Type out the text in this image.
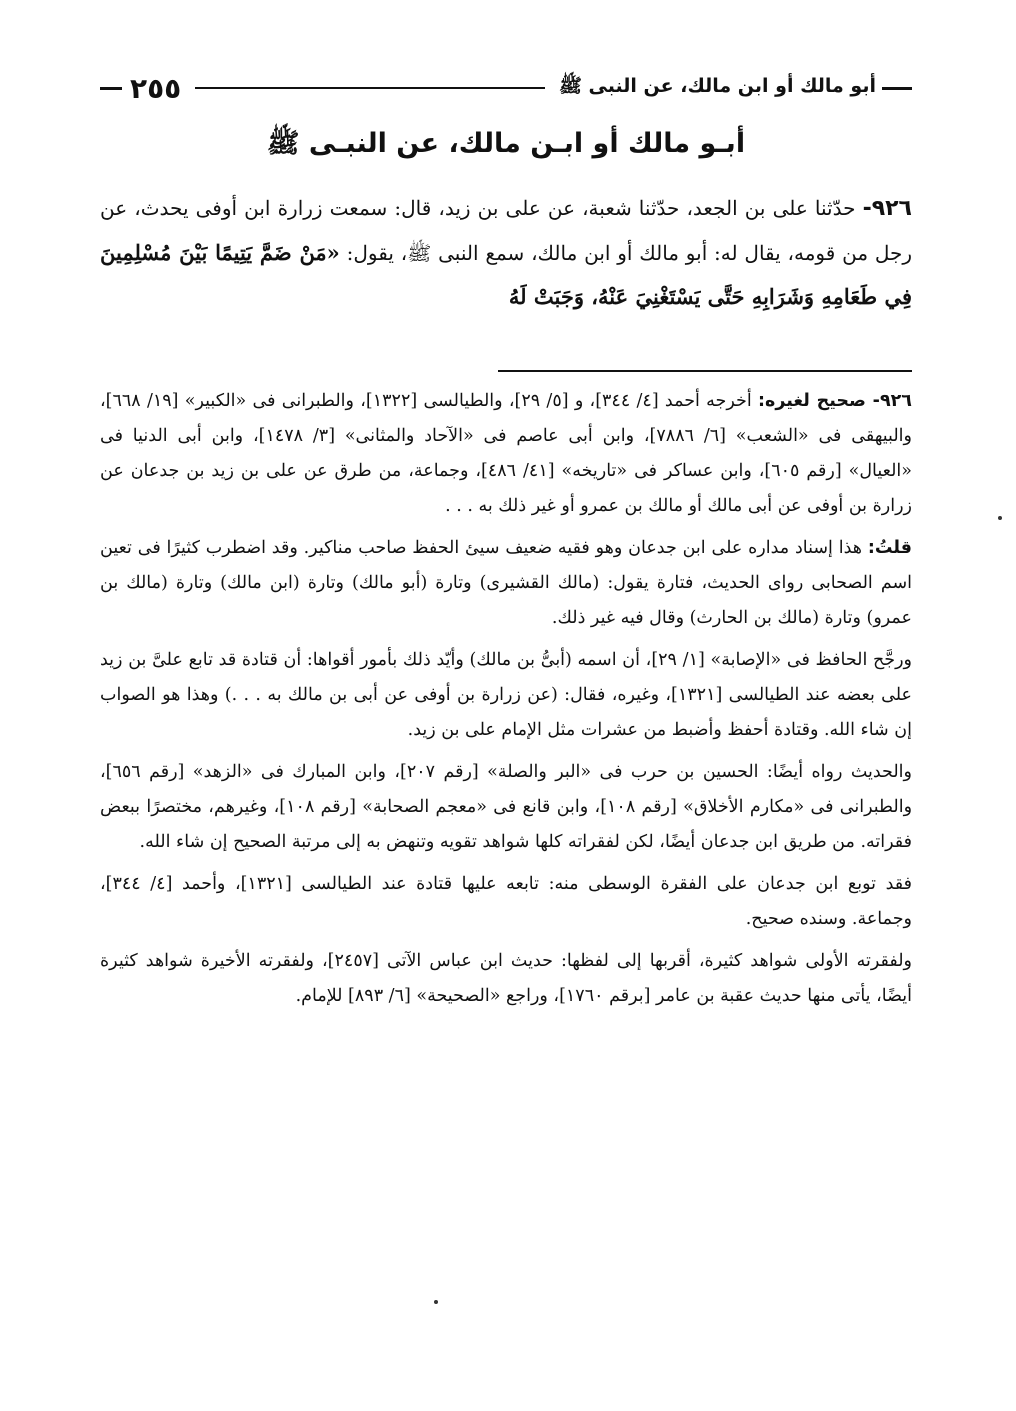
أبو مالك أو ابن مالك، عن النبى ﷺ
٢٥٥
أبـو مالك أو ابـن مالك، عن النبـى ﷺ

٩٢٦- حدّثنا على بن الجعد، حدّثنا شعبة، عن على بن زيد، قال: سمعت زرارة ابن أوفى يحدث، عن رجل من قومه، يقال له: أبو مالك أو ابن مالك، سمع النبى ﷺ، يقول: «مَنْ ضَمَّ يَتِيمًا بَيْنَ مُسْلِمِينَ فِي طَعَامِهِ وَشَرَابِهِ حَتَّى يَسْتَغْنِيَ عَنْهُ، وَجَبَتْ لَهُ

٩٢٦- صحيح لغيره: أخرجه أحمد [٤/ ٣٤٤]، و [٥/ ٢٩]، والطيالسى [١٣٢٢]، والطبرانى فى «الكبير» [١٩/ ٦٦٨]، والبيهقى فى «الشعب» [٦/ ٧٨٨٦]، وابن أبى عاصم فى «الآحاد والمثانى» [٣/ ١٤٧٨]، وابن أبى الدنيا فى «العيال» [رقم ٦٠٥]، وابن عساكر فى «تاريخه» [٤١/ ٤٨٦]، وجماعة، من طرق عن على بن زيد بن جدعان عن زرارة بن أوفى عن أبى مالك أو مالك بن عمرو أو غير ذلك به . . .

قلتُ: هذا إسناد مداره على ابن جدعان وهو فقيه ضعيف سيئ الحفظ صاحب مناكير. وقد اضطرب كثيرًا فى تعين اسم الصحابى رواى الحديث، فتارة يقول: (مالك القشيرى) وتارة (أبو مالك) وتارة (ابن مالك) وتارة (مالك بن عمرو) وتارة (مالك بن الحارث) وقال فيه غير ذلك.

ورجَّح الحافظ فى «الإصابة» [١/ ٢٩]، أن اسمه (أبىُّ بن مالك) وأيّد ذلك بأمور أقواها: أن قتادة قد تابع علىَّ بن زيد على بعضه عند الطيالسى [١٣٢١]، وغيره، فقال: (عن زرارة بن أوفى عن أبى بن مالك به . . .) وهذا هو الصواب إن شاء الله. وقتادة أحفظ وأضبط من عشرات مثل الإمام على بن زيد.

والحديث رواه أيضًا: الحسين بن حرب فى «البر والصلة» [رقم ٢٠٧]، وابن المبارك فى «الزهد» [رقم ٦٥٦]، والطبرانى فى «مكارم الأخلاق» [رقم ١٠٨]، وابن قانع فى «معجم الصحابة» [رقم ١٠٨]، وغيرهم، مختصرًا ببعض فقراته. من طريق ابن جدعان أيضًا، لكن لفقراته كلها شواهد تقويه وتنهض به إلى مرتبة الصحيح إن شاء الله.

فقد توبع ابن جدعان على الفقرة الوسطى منه: تابعه عليها قتادة عند الطيالسى [١٣٢١]، وأحمد [٤/ ٣٤٤]، وجماعة. وسنده صحيح.

ولفقرته الأولى شواهد كثيرة، أقربها إلى لفظها: حديث ابن عباس الآتى [٢٤٥٧]، ولفقرته الأخيرة شواهد كثيرة أيضًا، يأتى منها حديث عقبة بن عامر [برقم ١٧٦٠]، وراجع «الصحيحة» [٦/ ٨٩٣] للإمام.
